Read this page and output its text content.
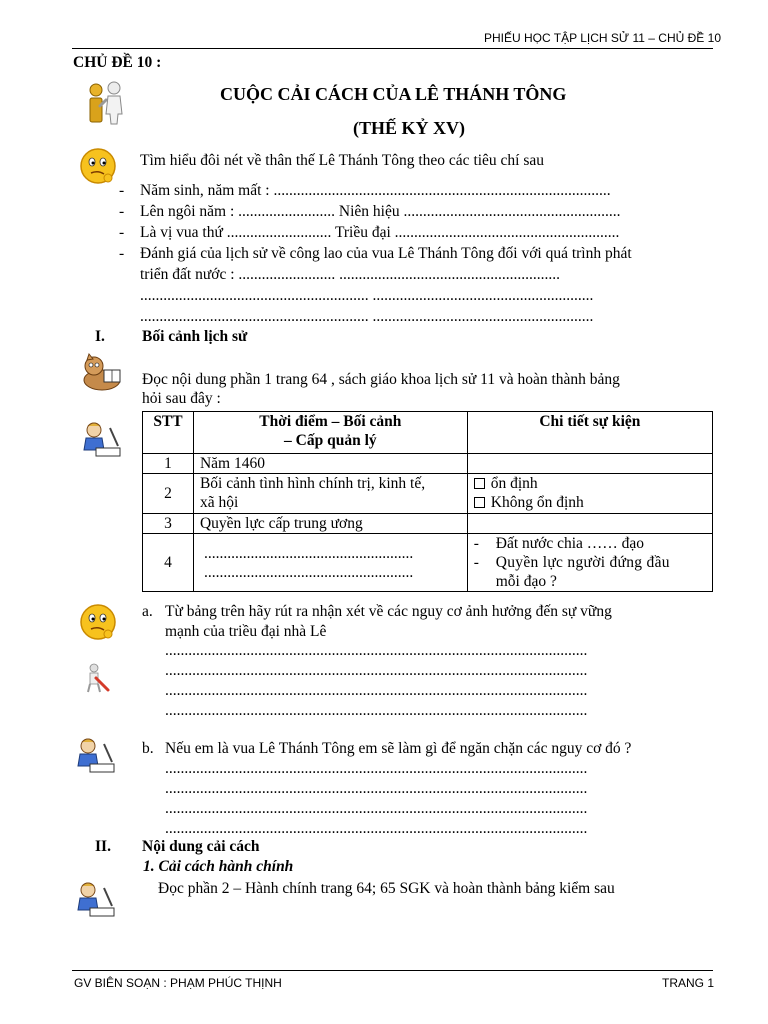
PHIẾU HỌC TẬP LỊCH SỬ 11 – CHỦ ĐỀ 10
CHỦ ĐỀ 10 :
CUỘC CẢI CÁCH CỦA LÊ THÁNH TÔNG
(THẾ KỶ XV)
Tìm hiểu đôi nét về thân thế Lê Thánh Tông theo các tiêu chí sau
- Năm sinh, năm mất : .......................................................................................
- Lên ngôi năm : ......................... Niên hiệu ........................................................
- Là vị vua thứ ........................... Triều đại ..........................................................
- Đánh giá của lịch sử về công lao của vua Lê Thánh Tông đối với quá trình phát
triển đất nước : ......................... .........................................................
........................................................... .........................................................
........................................................... .........................................................
I. Bối cảnh lịch sử
Đọc nội dung phần 1 trang 64 , sách giáo khoa lịch sử 11 và hoàn thành bảng
hỏi sau đây :
STT	Thời điểm – Bối cảnh
– Cấp quản lý	Chi tiết sự kiện
1	Năm 1460	
2	Bối cảnh tình hình chính trị, kinh tế,
xã hội	ổn định
Không ổn định

3	Quyền lực cấp trung ương	
4	......................................................
......................................................	- Đất nước chia …… đạo
- Quyền lực người đứng đầu
mỗi đạo ?
a. Từ bảng trên hãy rút ra nhận xét về các nguy cơ ảnh hưởng đến sự vững
mạnh của triều đại nhà Lê
.............................................................................................................
.............................................................................................................
.............................................................................................................
.............................................................................................................
b. Nếu em là vua Lê Thánh Tông em sẽ làm gì để ngăn chặn các nguy cơ đó ?
.............................................................................................................
.............................................................................................................
.............................................................................................................
.............................................................................................................
II. Nội dung cải cách
1. Cải cách hành chính
Đọc phần 2 – Hành chính trang 64; 65 SGK và hoàn thành bảng kiểm sau
GV BIÊN SOẠN : PHẠM PHÚC THỊNH	TRANG 1
